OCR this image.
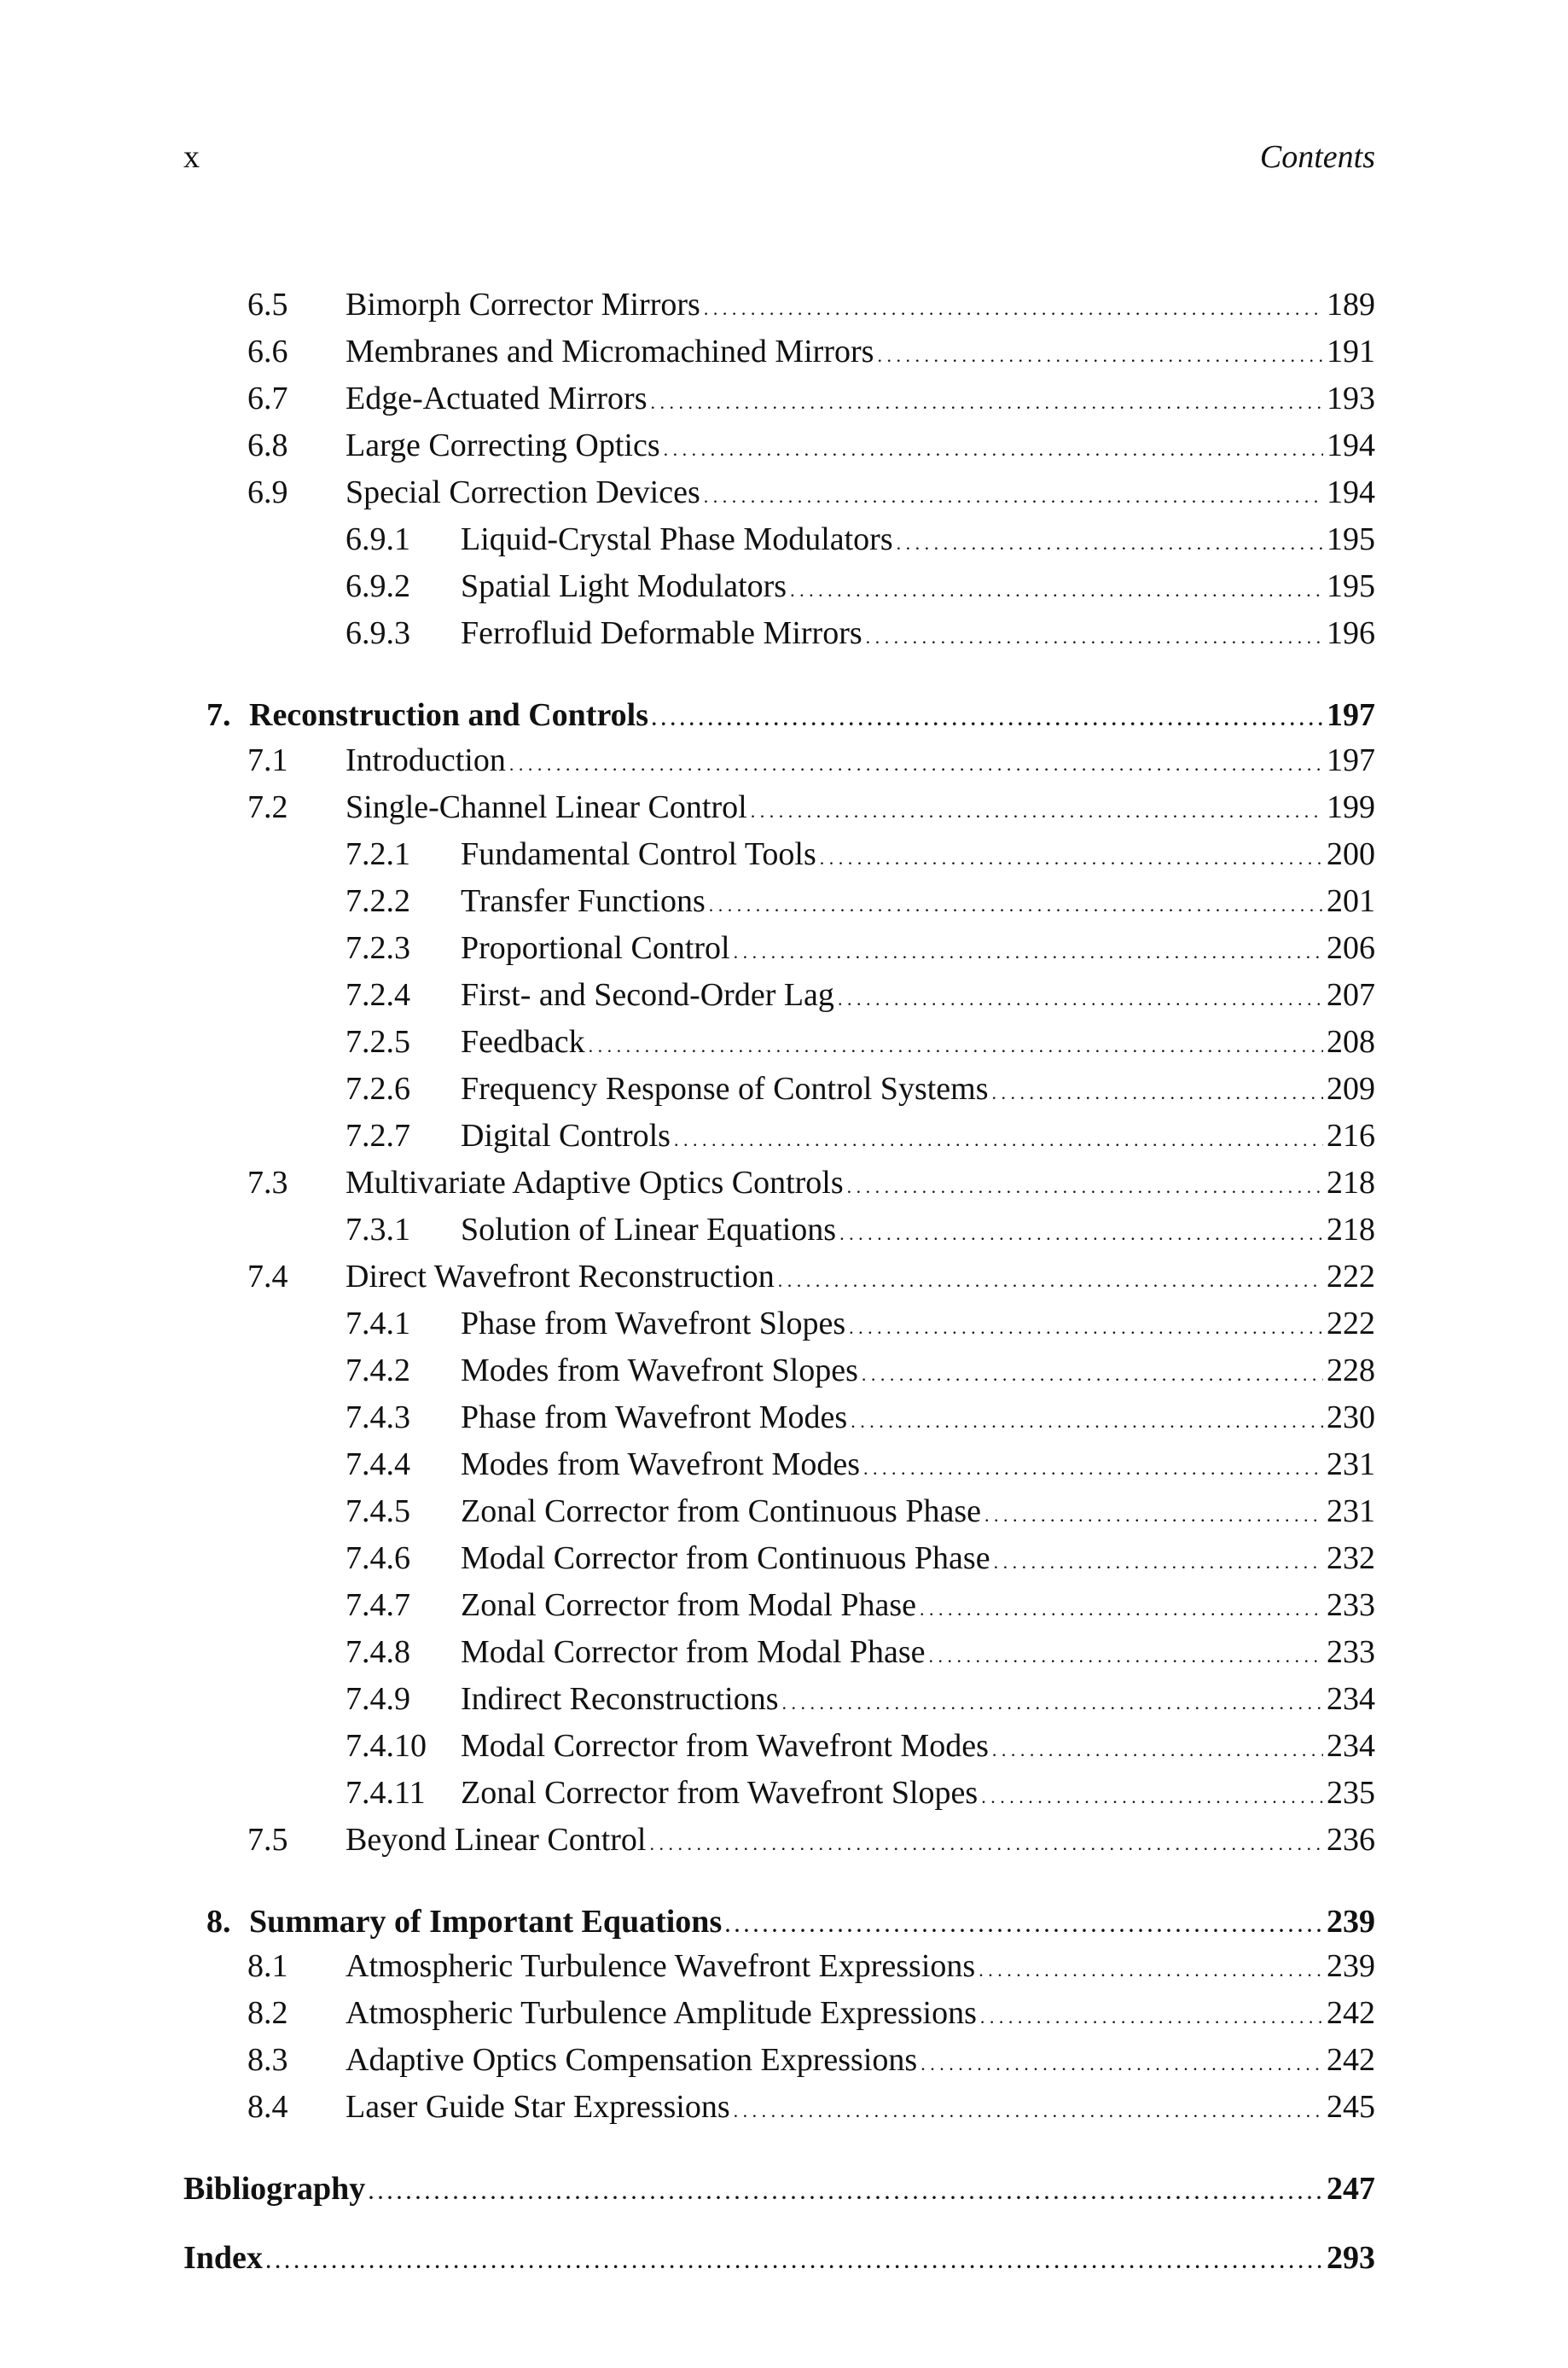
x	Contents
6.5 Bimorph Corrector Mirrors . . .	189
6.6 Membranes and Micromachined Mirrors . . .	191
6.7 Edge-Actuated Mirrors . . .	193
6.8 Large Correcting Optics . . .	194
6.9 Special Correction Devices . . .	194
6.9.1 Liquid-Crystal Phase Modulators . . .	195
6.9.2 Spatial Light Modulators . . .	195
6.9.3 Ferrofluid Deformable Mirrors . . .	196
7. Reconstruction and Controls . . .	197
7.1 Introduction . . .	197
7.2 Single-Channel Linear Control . . .	199
7.2.1 Fundamental Control Tools . . .	200
7.2.2 Transfer Functions . . .	201
7.2.3 Proportional Control . . .	206
7.2.4 First- and Second-Order Lag . . .	207
7.2.5 Feedback . . .	208
7.2.6 Frequency Response of Control Systems . . .	209
7.2.7 Digital Controls . . .	216
7.3 Multivariate Adaptive Optics Controls . . .	218
7.3.1 Solution of Linear Equations . . .	218
7.4 Direct Wavefront Reconstruction . . .	222
7.4.1 Phase from Wavefront Slopes . . .	222
7.4.2 Modes from Wavefront Slopes . . .	228
7.4.3 Phase from Wavefront Modes . . .	230
7.4.4 Modes from Wavefront Modes . . .	231
7.4.5 Zonal Corrector from Continuous Phase . . .	231
7.4.6 Modal Corrector from Continuous Phase . . .	232
7.4.7 Zonal Corrector from Modal Phase . . .	233
7.4.8 Modal Corrector from Modal Phase . . .	233
7.4.9 Indirect Reconstructions . . .	234
7.4.10 Modal Corrector from Wavefront Modes . . .	234
7.4.11 Zonal Corrector from Wavefront Slopes . . .	235
7.5 Beyond Linear Control . . .	236
8. Summary of Important Equations . . .	239
8.1 Atmospheric Turbulence Wavefront Expressions . . .	239
8.2 Atmospheric Turbulence Amplitude Expressions . . .	242
8.3 Adaptive Optics Compensation Expressions . . .	242
8.4 Laser Guide Star Expressions . . .	245
Bibliography . . .	247
Index . . .	293
